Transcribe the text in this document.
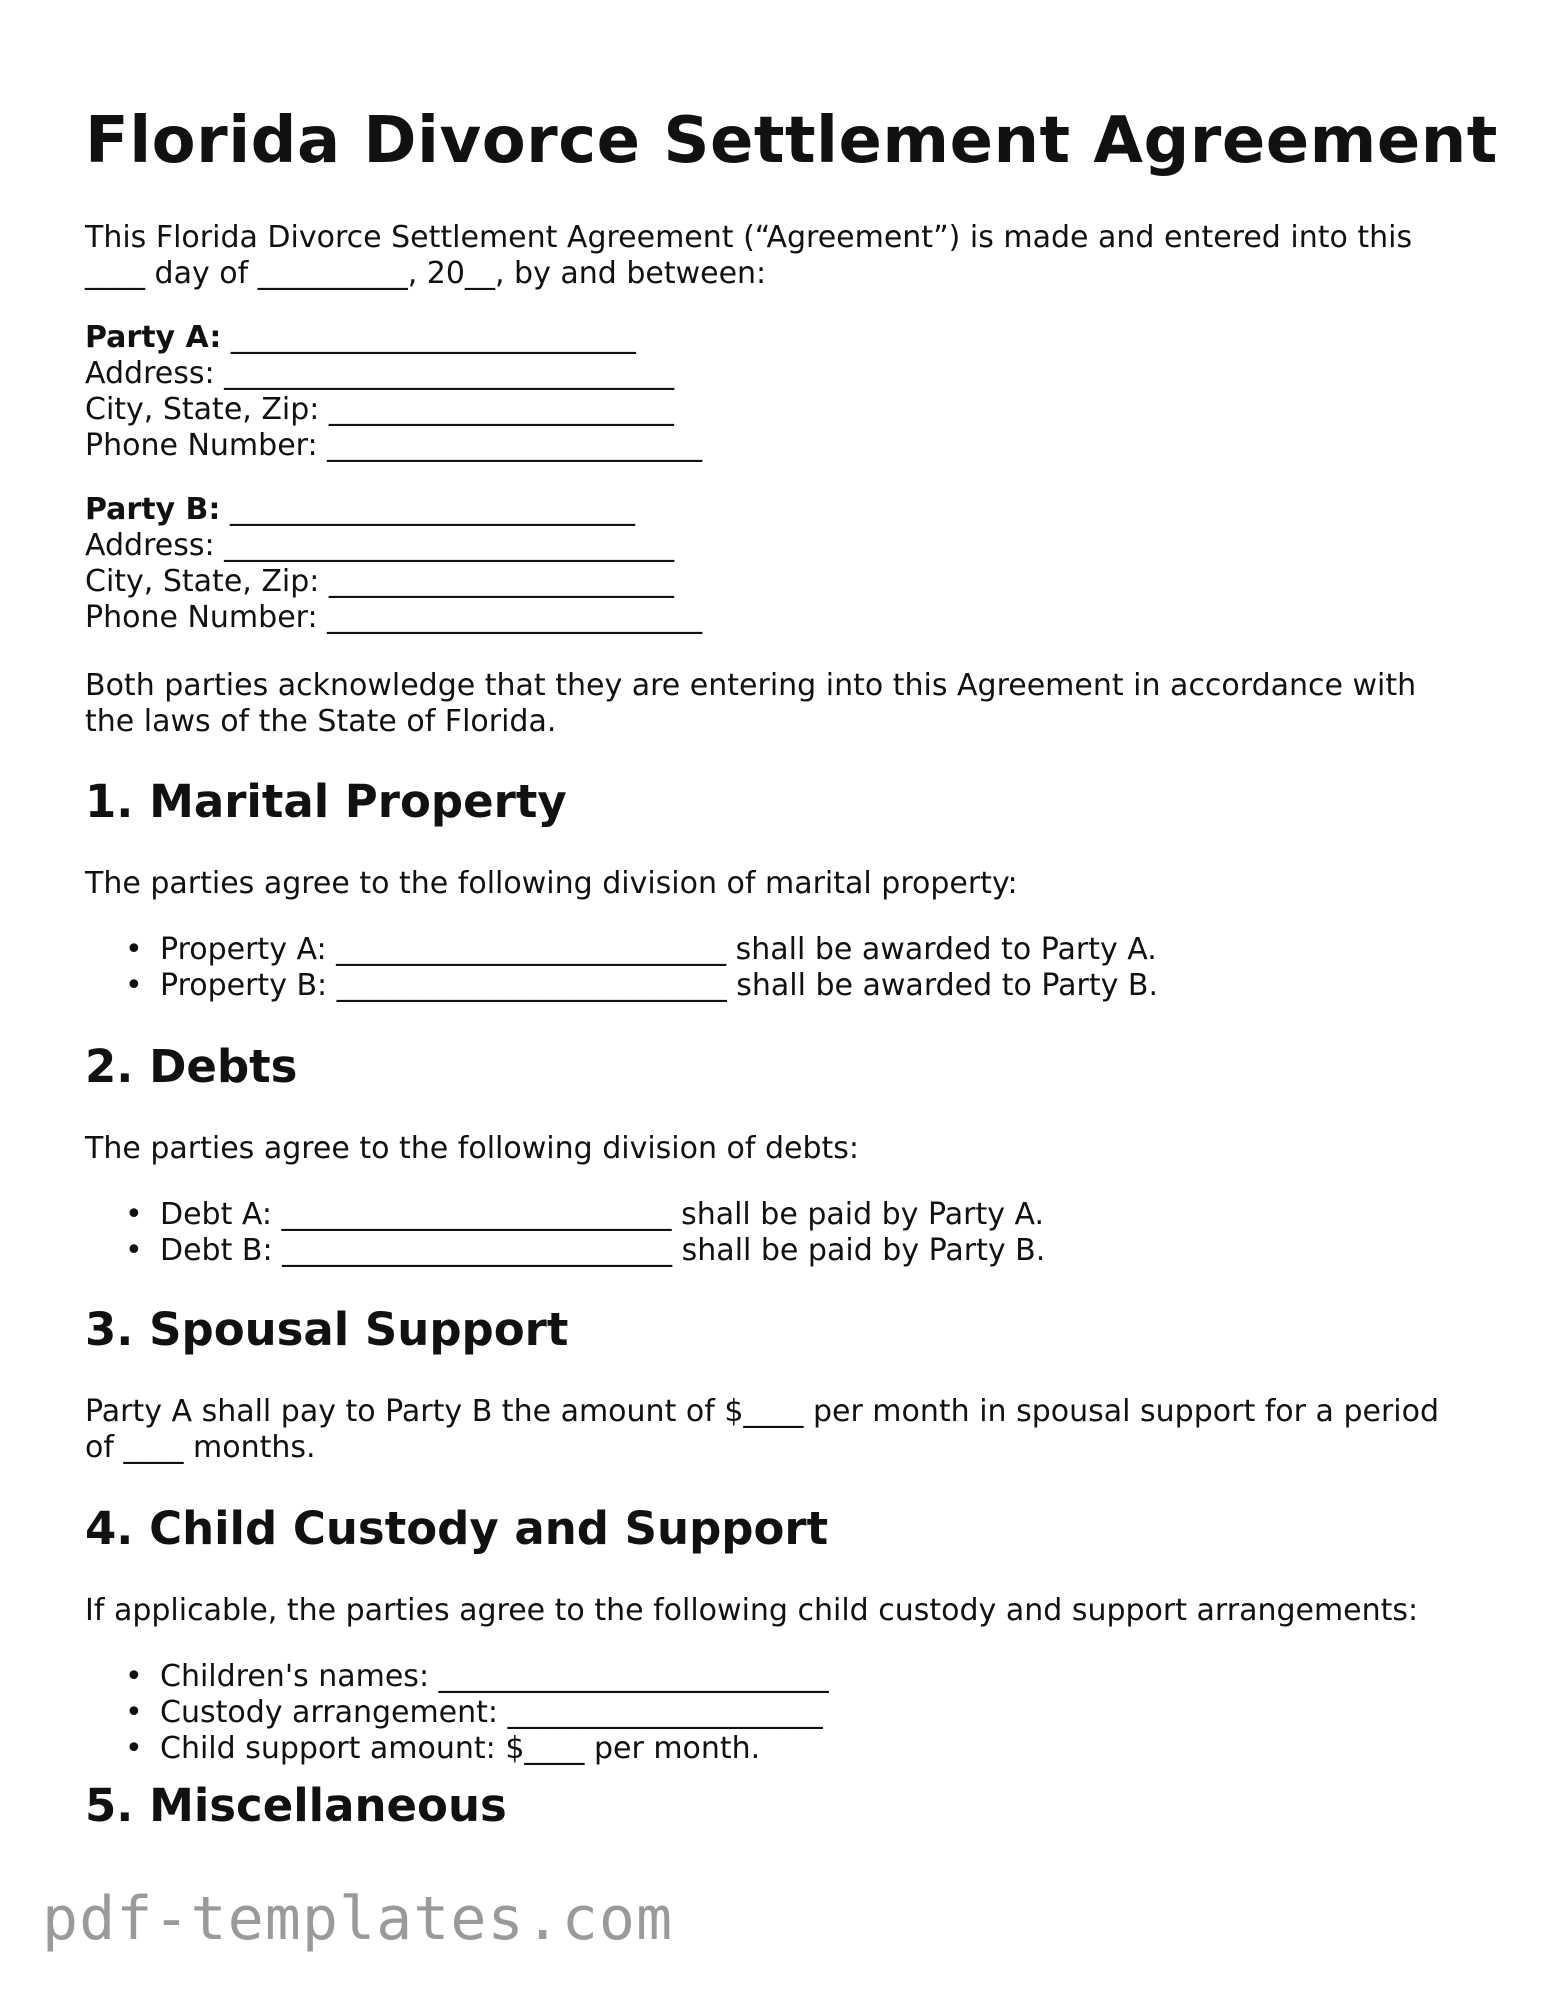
Florida Divorce Settlement Agreement
This Florida Divorce Settlement Agreement (“Agreement”) is made and entered into this
____ day of __________, 20__, by and between:
Party A: ___________________________
Address: ______________________________
City, State, Zip: _______________________
Phone Number: _________________________
Party B: ___________________________
Address: ______________________________
City, State, Zip: _______________________
Phone Number: _________________________
Both parties acknowledge that they are entering into this Agreement in accordance with
the laws of the State of Florida.
1. Marital Property

The parties agree to the following division of marital property:

• Property A: __________________________ shall be awarded to Party A.
• Property B: __________________________ shall be awarded to Party B.
2. Debts

The parties agree to the following division of debts:

• Debt A: __________________________ shall be paid by Party A.
• Debt B: __________________________ shall be paid by Party B.
3. Spousal Support
Party A shall pay to Party B the amount of $____ per month in spousal support for a period
of ____ months.
4. Child Custody and Support

If applicable, the parties agree to the following child custody and support arrangements:

• Children's names: __________________________
• Custody arrangement: _____________________
• Child support amount: $____ per month.
5. Miscellaneous
pdf-templates.com
